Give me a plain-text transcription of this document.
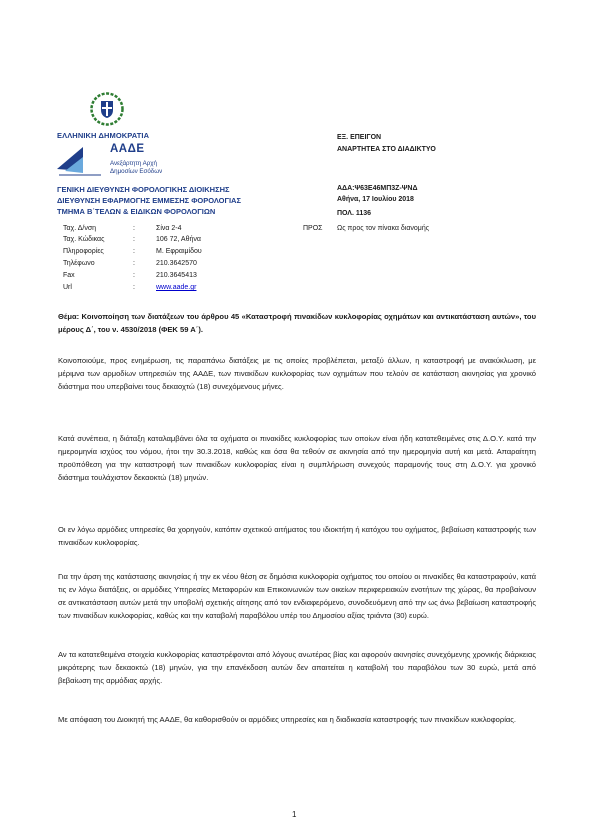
ΕΛΛΗΝΙΚΗ ΔΗΜΟΚΡΑΤΙΑ
ΑΑΔΕ
Ανεξάρτητη Αρχή
Δημοσίων Εσόδων
ΓΕΝΙΚΗ ΔΙΕΥΘΥΝΣΗ ΦΟΡΟΛΟΓΙΚΗΣ ΔΙΟΙΚΗΣΗΣ
ΔΙΕΥΘΥΝΣΗ ΕΦΑΡΜΟΓΗΣ ΕΜΜΕΣΗΣ ΦΟΡΟΛΟΓΙΑΣ
ΤΜΗΜΑ Β΄ΤΕΛΩΝ & ΕΙΔΙΚΩΝ ΦΟΡΟΛΟΓΙΩΝ
ΕΞ. ΕΠΕΙΓΟΝ
ΑΝΑΡΤΗΤΕΑ ΣΤΟ ΔΙΑΔΙΚΤΥΟ
ΑΔΑ:Ψ63Ε46ΜΠ3Ζ-ΨΝΔ
Αθήνα, 17 Ιουλίου 2018
ΠΟΛ. 1136
ΠΡΟΣ Ως προς τον πίνακα διανομής
Ταχ. Δ/νση	:	Σίνα 2-4
Ταχ. Κώδικας	:	106 72, Αθήνα
Πληροφορίες	:	Μ. Εφραιμίδου
Τηλέφωνο	:	210.3642570
Fax	:	210.3645413
Url	:	www.aade.gr
Θέμα: Κοινοποίηση των διατάξεων του άρθρου 45 «Καταστροφή πινακίδων κυκλοφορίας οχημάτων και αντικατάσταση αυτών», του μέρους Δ΄, του ν. 4530/2018 (ΦΕΚ 59 Α΄).
Κοινοποιούμε, προς ενημέρωση, τις παραπάνω διατάξεις με τις οποίες προβλέπεται, μεταξύ άλλων, η καταστροφή με ανακύκλωση, με μέριμνα των αρμοδίων υπηρεσιών της ΑΑΔΕ, των πινακίδων κυκλοφορίας των οχημάτων που τελούν σε κατάσταση ακινησίας για χρονικό διάστημα που υπερβαίνει τους δεκαοχτώ (18) συνεχόμενους μήνες.
Κατά συνέπεια, η διάταξη καταλαμβάνει όλα τα οχήματα οι πινακίδες κυκλοφορίας των οποίων είναι ήδη κατατεθειμένες στις Δ.Ο.Υ. κατά την ημερομηνία ισχύος του νόμου, ήτοι την 30.3.2018, καθώς και όσα θα τεθούν σε ακινησία από την ημερομηνία αυτή και μετά. Απαραίτητη προϋπόθεση για την καταστροφή των πινακίδων κυκλοφορίας είναι η συμπλήρωση συνεχούς παραμονής τους στη Δ.Ο.Υ. για χρονικό διάστημα τουλάχιστον δεκαοκτώ (18) μηνών.
Οι εν λόγω αρμόδιες υπηρεσίες θα χορηγούν, κατόπιν σχετικού αιτήματος του ιδιοκτήτη ή κατόχου του οχήματος, βεβαίωση καταστροφής των πινακίδων κυκλοφορίας.
Για την άρση της κατάστασης ακινησίας ή την εκ νέου θέση σε δημόσια κυκλοφορία οχήματος του οποίου οι πινακίδες θα καταστραφούν, κατά τις εν λόγω διατάξεις, οι αρμόδιες Υπηρεσίες Μεταφορών και Επικοινωνιών των οικείων περιφερειακών ενοτήτων της χώρας, θα προβαίνουν σε αντικατάσταση αυτών μετά την υποβολή σχετικής αίτησης από τον ενδιαφερόμενο, συνοδευόμενη από την ως άνω βεβαίωση καταστροφής των πινακίδων κυκλοφορίας, καθώς και την καταβολή παραβόλου υπέρ του Δημοσίου αξίας τριάντα (30) ευρώ.
Αν τα κατατεθειμένα στοιχεία κυκλοφορίας καταστρέφονται από λόγους ανωτέρας βίας και αφορούν ακινησίες συνεχόμενης χρονικής διάρκειας μικρότερης των δεκαοκτώ (18) μηνών, για την επανέκδοση αυτών δεν απαιτείται η καταβολή του παραβόλου των 30 ευρώ, μετά από βεβαίωση της αρμόδιας αρχής.
Με απόφαση του Διοικητή της ΑΑΔΕ, θα καθορισθούν οι αρμόδιες υπηρεσίες και η διαδικασία καταστροφής των πινακίδων κυκλοφορίας.
1
